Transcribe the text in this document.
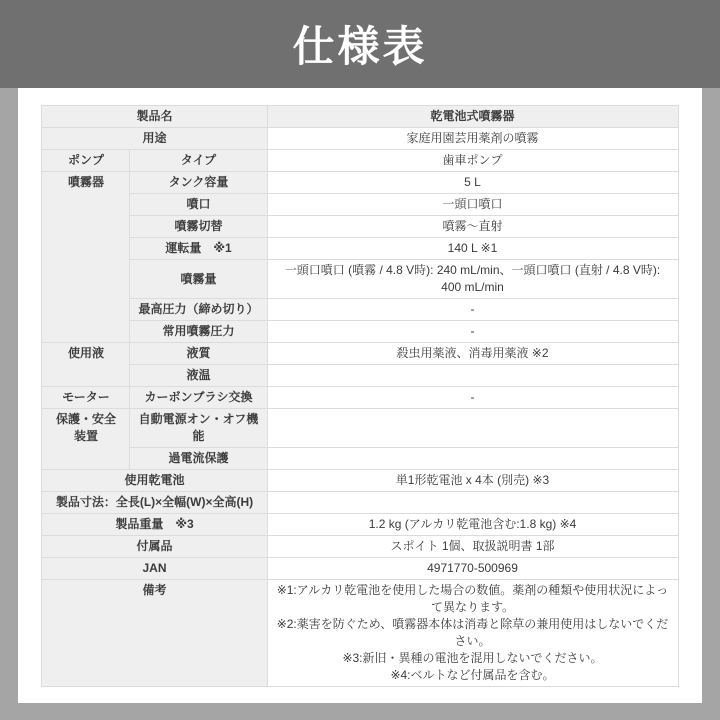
仕様表
製品名		乾電池式噴霧器
用途		家庭用園芸用薬剤の噴霧
ポンプ	タイプ	歯車ポンプ
噴霧器	タンク容量	5 L
	噴口	一頭口噴口
	噴霧切替	噴霧～直射
	運転量　※1	140 L ※1
	噴霧量	一頭口噴口 (噴霧 / 4.8 V時): 240 mL/min、一頭口噴口 (直射 / 4.8 V時): 400 mL/min
	最高圧力（締め切り）	-
	常用噴霧圧力	-
使用液	液質	殺虫用薬液、消毒用薬液 ※2
	液温	
モーター	カーボンブラシ交換	-
保護・安全装置	自動電源オン・オフ機能	
	過電流保護	
使用乾電池		単1形乾電池 x 4本 (別売) ※3
製品寸法：全長(L)×全幅(W)×全高(H)		
製品重量　※3		1.2 kg (アルカリ乾電池含む:1.8 kg) ※4
付属品		スポイト 1個、取扱説明書 1部
JAN		4971770-500969
備考		※1:アルカリ乾電池を使用した場合の数値。薬剤の種類や使用状況によって異なります。
※2:薬害を防ぐため、噴霧器本体は消毒と除草の兼用使用はしないでください。
※3:新旧・異種の電池を混用しないでください。
※4:ベルトなど付属品を含む。
